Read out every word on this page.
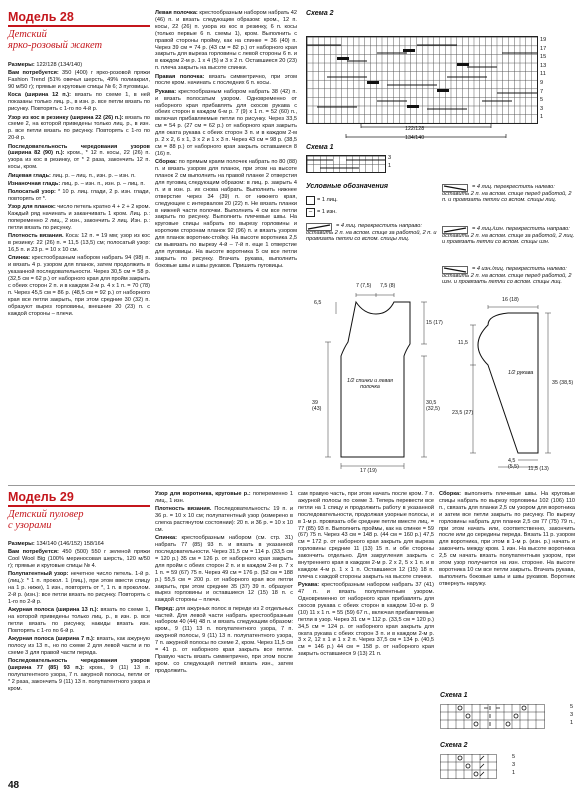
Модель 28
Детский
ярко-розовый жакет

Размеры: 122/128 (134/140)

Вам потребуется: 350 (400) г ярко-розовой пряжи Fashion Trend (51% овечья шерсть, 49% полиакрил, 90 м/50 г); прямые и круговые спицы № 6; 3 пуговицы.

Коса (ширина 12 п.): вязать по схеме 1, в ней показаны только лиц. р., в изн. р. все петли вязать по рисунку. Повторять с 1-го по 4-й р.

Узор из кос в резинку (ширина 22 (26) п.): вязать по схеме 2, на которой приведены только лиц. р., в изн. р. все петли вязать по рисунку. Повторять с 1-го по 20-й р.

Последовательность чередования узоров (ширина 82 (90) п.): кром., * 12 п. косы, 22 (26) п. узора из кос в резинку, от * 2 раза, закончить 12 п. косы, кром.

Лицевая гладь: лиц. р. – лиц. п., изн. р. – изн. п.

Изнаночная гладь: лиц. р. – изн. п., изн. р. – лиц. п.

Полосатый узор: * 10 р. лиц. глади, 2 р. изн. глади, повторять от *.

Узор для планок: число петель кратно 4 + 2 + 2 кром. Каждый ряд начинать и заканчивать 1 кром. Лиц. р.: попеременно 2 лиц., 2 изн., закончить 2 лиц. Изн. р.: петли вязать по рисунку.

Плотность вязания. Коса: 12 п. = 19 мм; узор из кос в резинку: 22 (26) п. = 11,5 (13,5) см; полосатый узор: 16,5 п. и 23 р. = 10 х 10 см.

Спинка: крестообразным набором набрать 94 (98) п. и вязать 4 р. узором для планок, затем продолжить в указанной последовательности. Через 30,5 см = 58 р. (32,5 см = 62 р.) от наборного края для пройм закрыть с обеих сторон 2 п. и в каждом 2-м р. 4 х 1 п. = 70 (78) п. Через 45,5 см = 86 р. (48,5 см = 92 р.) от наборного края все петли закрыть, при этом средние 30 (32) п. образуют вырез горловины, внешние 20 (23) п. с каждой стороны – плечи.

Левая полочка: крестообразным набором набрать 42 (46) п. и вязать следующим образом: кром., 12 п. косы, 22 (26) п. узора из кос в резинку, 6 п. косы (только первые 6 п. схемы 1), кром. Выполнить с правой стороны пройму, как на спинке = 36 (40) п. Через 39 см = 74 р. (43 см = 82 р.) от наборного края закрыть для выреза горловины с левой стороны 6 п. и в каждом 2-м р. 1 х 4 (5) и 3 х 2 п. Оставшиеся 20 (23) п. плеча закрыть на высоте спинки.

Правая полочка: вязать симметрично, при этом после кром. начинать с последних 6 п. косы.

Рукава: крестообразным набором набрать 38 (42) п. и вязать полосатым узором. Одновременно от наборного края прибавлять для скосов рукава с обеих сторон в каждом 6-м р. 7 (9) х 1 п. = 52 (60) п., включая прибавляемые петли по рисунку. Через 33,5 см = 54 р. (27 см = 62 р.) от наборного края закрыть для окатa рукава с обеих сторон 3 п. и в каждом 2-м р. 2 х 2, 6 х 1, 3 х 2 и 1 х 3 п. Через 43 см = 98 р. (38,5 см = 88 р.) от наборного края закрыть оставшиеся 8 (16) п.

Сборка: по прямым краям полочек набрать по 80 (88) п. и вязать узором для планок, при этом на высоте планок 2 см выполнить на правой планке 2 отверстия для пуговиц следующим образом: в лиц. р. закрыть 4 п. и в изн. р. их снова набрать. Выполнить нижнее отверстие через 34 (39) п. от нижнего края, следующее с интервалом 20 (22) п. Не вязать планки в нижней части полочки. Выполнить 4 см все петли закрыть по рисунку. Выполнить плечевые швы. На круговые спицы набрать по вырезу горловины и коротким сторонам планок 92 (96) п. и вязать узором для планок воротник-стойку. На высоте воротника 2,5 см вывязать по вырезу 4-й – 7-й п. еще 1 отверстие для пуговицы. На высоте воротника 5 см все петли закрыть по рисунку. Втачать рукава, выполнить боковые швы и швы рукавов. Пришить пуговицы.

Схема 2
19
17
15
13
11
9
7
5
3
1
122/128
134/140
Схема 1
3
1
Условные обозначения
= 1 лиц.
– = 1 изн.
= 4 лиц. перекрестить направо: оставить 2 п. на вспом. спице за работой, 2 п. и провязать петли со вспом. спицы лиц.
= 4 лиц. перекрестить налево: оставить 2 п. на вспом. спице перед работой, 2 п. и провязать петли со вспом. спицы лиц.
= 4 лиц./изн. перекрестить направо: оставить 2 п. на вспом. спице за работой, 2 лиц. и провязать петли со вспом. спицы изн.
= 4 изн./лиц. перекрестить налево: оставить 2 п. на вспом. спице перед работой, 2 изн. и провязать петли со вспом. спицы лиц.
7 (7,5) 7,5 (8)
6,5
15 (17)
1/2 спинки и левая полочка
39 (43)
30,5 (32,5)
17 (19)
16 (18)
11,5
1/2 рукава
35 (38,5)
23,5 (27)
4,5 (5,5)	11,5 (13)
Модель 29
Детский пуловер
с узорами

Размеры: 134/140 (146/152) 158/164

Вам потребуется: 450 (500) 550 г зеленой пряжи Cool Wool Big (100% мериносовая шерсть, 120 м/50 г); прямые и круговые спицы № 4.

Полупатентный узор: нечетное число петель. 1-й р. (лиц.): * 1 п. прокол. 1 (лиц.), при этом ввести спицу на 1 р. ниже), 1 изн., повторять от *, 1 п. в проколом. 2-й р. (изн.): все петли вязать по рисунку. Повторять с 1-го по 2-й р.

Ажурная полоса (ширина 13 п.): вязать по схеме 1, на которой приведены только лиц. р., в изн. р. все петли вязать по рисунку, накиды вязать изн. Повторять с 1-го по 6-й р.

Ажурная полоса (ширина 7 п.): вязать, как ажурную полосу из 13 п., но по схеме 2 для левой части и по схеме 3 для правой части переда.

Последовательность чередования узоров (ширина 77 (85) 93 п.): кром., 9 (11) 13 п. полупатентного узора, 7 п. ажурной полосы, петли от * 2 раза, закончить 9 (11) 13 п. полупатентного узора и кром.

Узор для воротника, круговые р.: попеременно 1 лиц., 1 изн.

Плотность вязания. Последовательность: 19 п. и 36 р. = 10 х 10 см; полупатентный узор (измерено в слегка растянутом состоянии): 20 п. и 36 р. = 10 х 10 см.

Спинка: крестообразным набором (см. стр. 31) набрать 77 (85) 93 п. и вязать в указанной последовательности. Через 31,5 см = 114 р. (33,5 см = 120 р.) 35 см = 126 р. от наборного края закрыть для пройм с обеих сторон 2 п. и в каждом 2-м р. 7 х 1 п. = 59 (67) 75 п. Через 49 см = 176 р. (52 см = 188 р.) 55,5 см = 200 р. от наборного края все петли закрыть, при этом средние 35 (37) 39 п. образуют вырез горловины и оставшиеся 12 (15) 18 п. с каждой стороны – плечи.

Перед: для ажурных полос в переде из 2 отдельных частей. Для левой части набрать крестообразным набором 40 (44) 48 п. и вязать следующим образом: кром., 9 (11) 13 п. полупатентного узора, 7 п. ажурной полосы, 9 (11) 13 п. полупатентного узора, 7 п. ажурной полосы по схеме 2, кром. Через 11,5 см = 41 р. от наборного края закрыть все петли. Правую часть вязать симметрично, при этом после кром. со следующей петлей вязать изн., затем продолжить.

сам правую часть, при этом начать после кром. 7 п. ажурной полосы по схеме 3. Теперь перевести все петли на 1 спицу и продолжить работу в указанной последовательности, продолжая узорные полосы, и в 1-м р. провязать обе средние петли вместе лиц. = 77 (85) 93 п. Выполнить проймы, как на спинке = 59 (67) 75 п. Через 43 см = 148 р. (44 см = 160 р.) 47,5 см = 172 р. от наборного края закрыть для выреза горловины средние 11 (13) 15 п. и обе стороны закончить отдельно. Для закругления закрыть с внутреннего края в каждом 2-м р. 2 х 2, 5 х 1 п. и в каждом 4-м р. 1 х 1 п. Оставшиеся 12 (15) 18 п. плеча с каждой стороны закрыть на высоте спинки.

Рукава: крестообразным набором набрать 37 (41) 47 п. и вязать полупатентным узором. Одновременно от наборного края прибавлять для скосов рукава с обеих сторон в каждом 10-м р. 9 (10) 11 х 1 п. = 55 (59) 67 п., включая прибавляемые петли в узор. Через 31 см = 112 р. (33,5 см = 120 р.) 34,5 см = 124 р. от наборного края закрыть для окатa рукава с обеих сторон 3 п. и в каждом 2-м р. 3 х 2, 12 х 1 и 1 х 2 п. Через 37,5 см = 134 р. (40,5 см = 146 р.) 44 см = 158 р. от наборного края закрыть оставшиеся 9 (13) 21 п.

Сборка: выполнить плечевые швы. На круговые спицы набрать по вырезу горловины 102 (106) 110 п., связать для планки 2,5 см узором для воротника и затем все петли закрыть по рисунку. По вырезу горловины набрать для планки 2,5 см 77 (75) 79 п., при этом начать или, соответственно, закончить после или до середины переда. Вязать 11 р. узором для воротника, при этом в 1-м р. (изн. р.) начать и закончить между кром. 1 изн. На высоте воротника 2,5 см начать вязать полупатентным узором, при этом узор получается на изн. стороне. На высоте воротника 10 см все петли закрыть. Втачать рукава, выполнить боковые швы и швы рукавов. Воротник отвернуть наружу.

Схема 1
5
3
1
Схема 2
5
3
1
48
